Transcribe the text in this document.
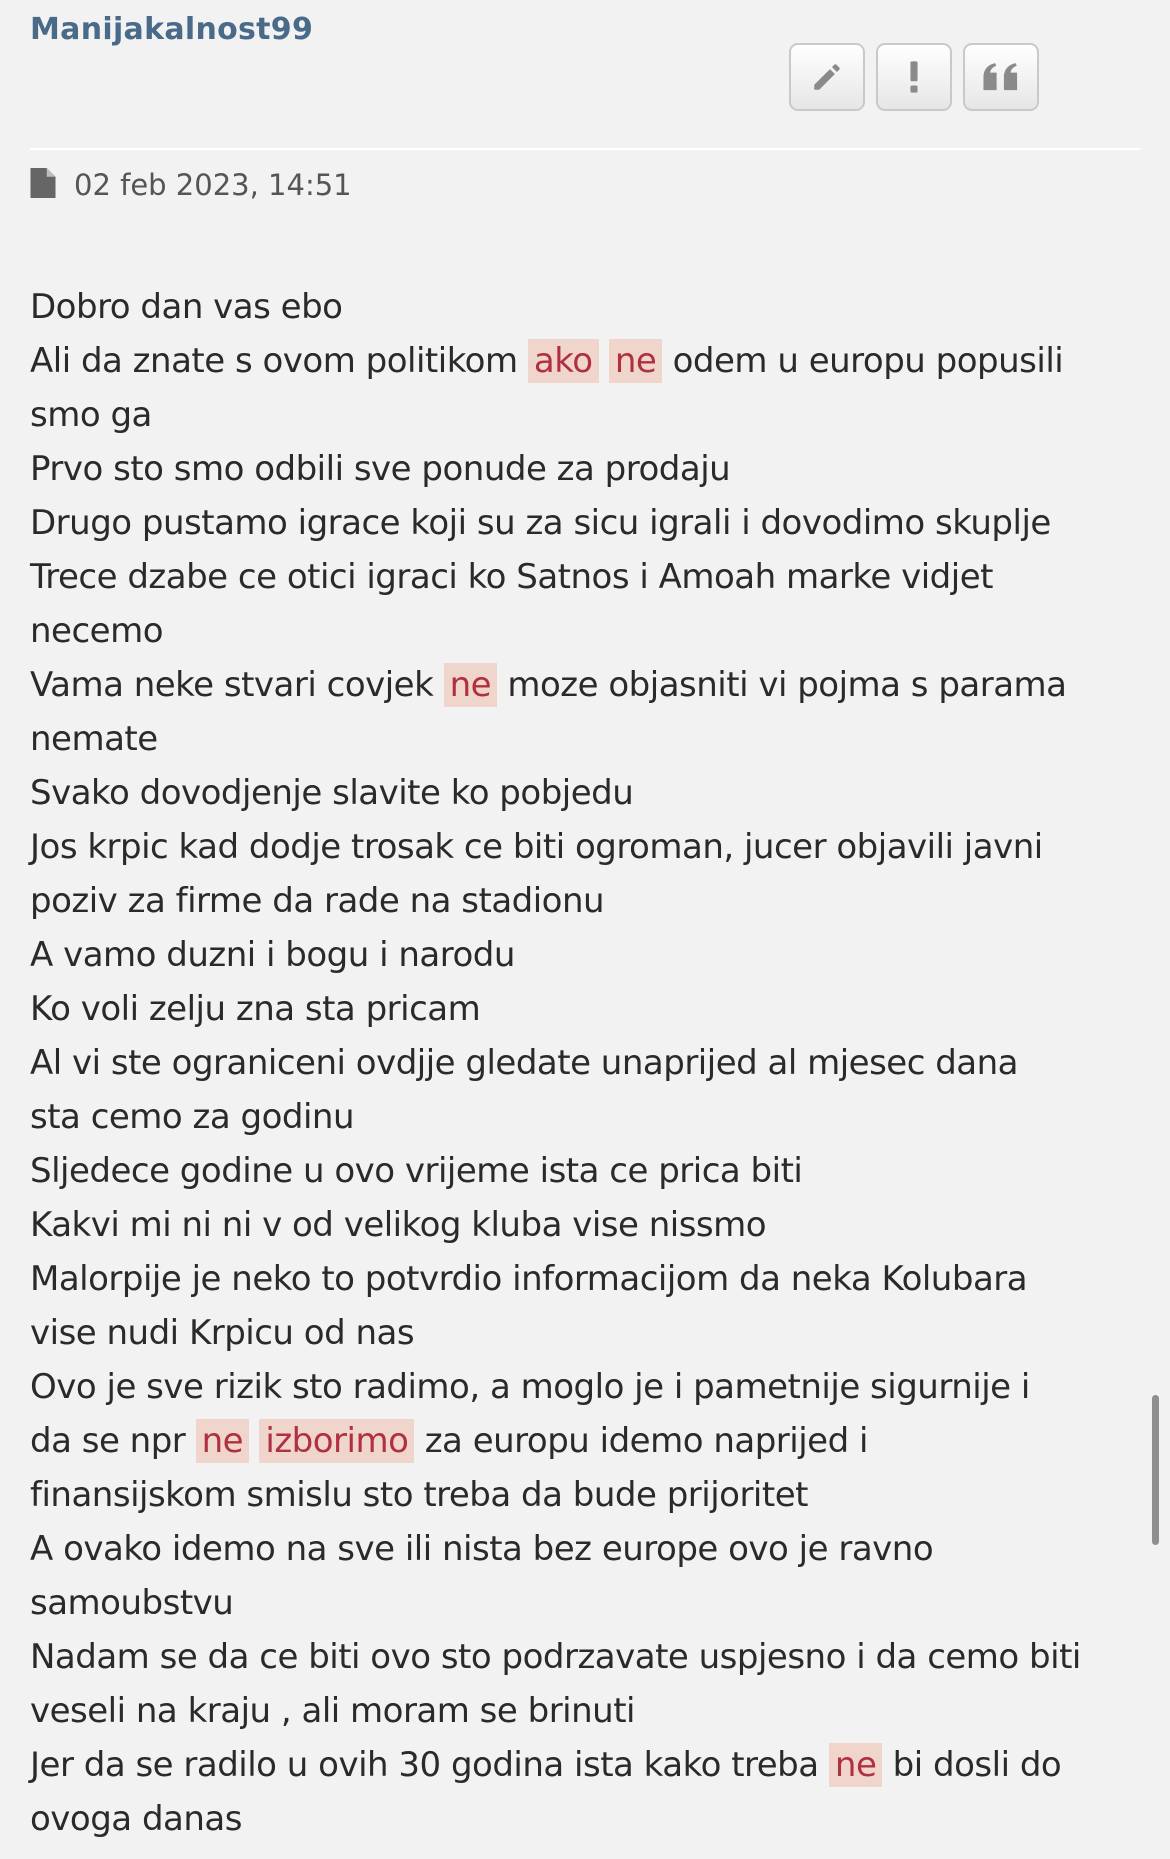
Manijakalnost99
02 feb 2023, 14:51
Dobro dan vas ebo
Ali da znate s ovom politikom ako ne odem u europu popusili
smo ga
Prvo sto smo odbili sve ponude za prodaju
Drugo pustamo igrace koji su za sicu igrali i dovodimo skuplje
Trece dzabe ce otici igraci ko Satnos i Amoah marke vidjet
necemo
Vama neke stvari covjek ne moze objasniti vi pojma s parama
nemate
Svako dovodjenje slavite ko pobjedu
Jos krpic kad dodje trosak ce biti ogroman, jucer objavili javni
poziv za firme da rade na stadionu
A vamo duzni i bogu i narodu
Ko voli zelju zna sta pricam
Al vi ste ograniceni ovdjje gledate unaprijed al mjesec dana
sta cemo za godinu
Sljedece godine u ovo vrijeme ista ce prica biti
Kakvi mi ni ni v od velikog kluba vise nissmo
Malorpije je neko to potvrdio informacijom da neka Kolubara
vise nudi Krpicu od nas
Ovo je sve rizik sto radimo, a moglo je i pametnije sigurnije i
da se npr ne izborimo za europu idemo naprijed i
finansijskom smislu sto treba da bude prijoritet
A ovako idemo na sve ili nista bez europe ovo je ravno
samoubstvu
Nadam se da ce biti ovo sto podrzavate uspjesno i da cemo biti
veseli na kraju , ali moram se brinuti
Jer da se radilo u ovih 30 godina ista kako treba ne bi dosli do
ovoga danas
